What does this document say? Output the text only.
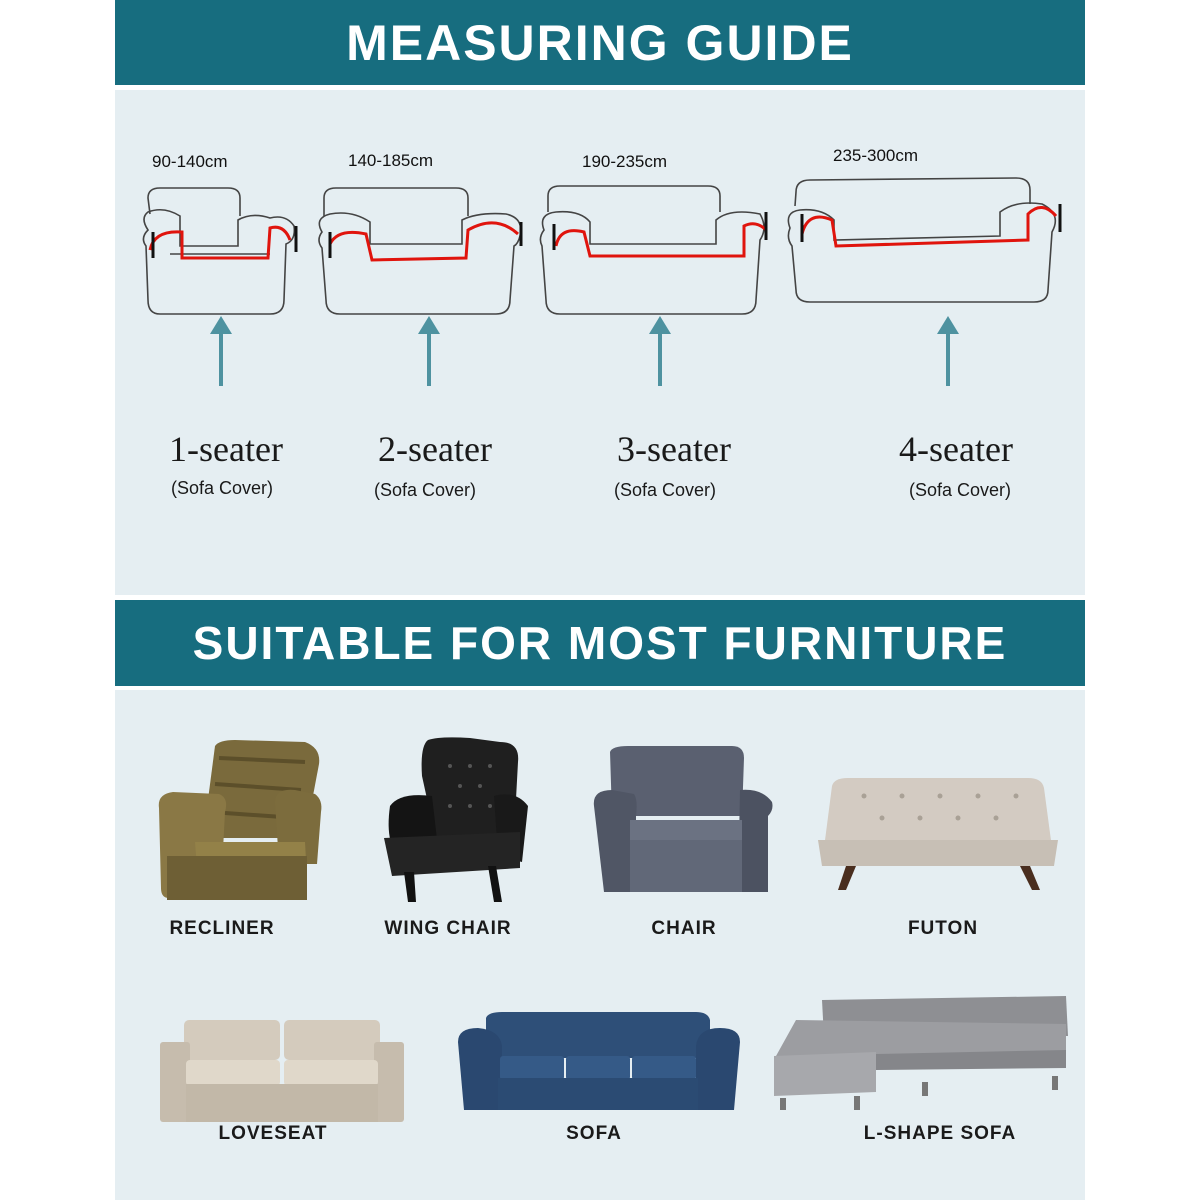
MEASURING GUIDE
90-140cm	140-185cm	190-235cm	235-300cm
1-seater
(Sofa Cover)
2-seater
(Sofa Cover)
3-seater
(Sofa Cover)
4-seater
(Sofa Cover)
SUITABLE FOR MOST FURNITURE
RECLINER	WING CHAIR	CHAIR	FUTON
LOVESEAT	SOFA	L-SHAPE SOFA
